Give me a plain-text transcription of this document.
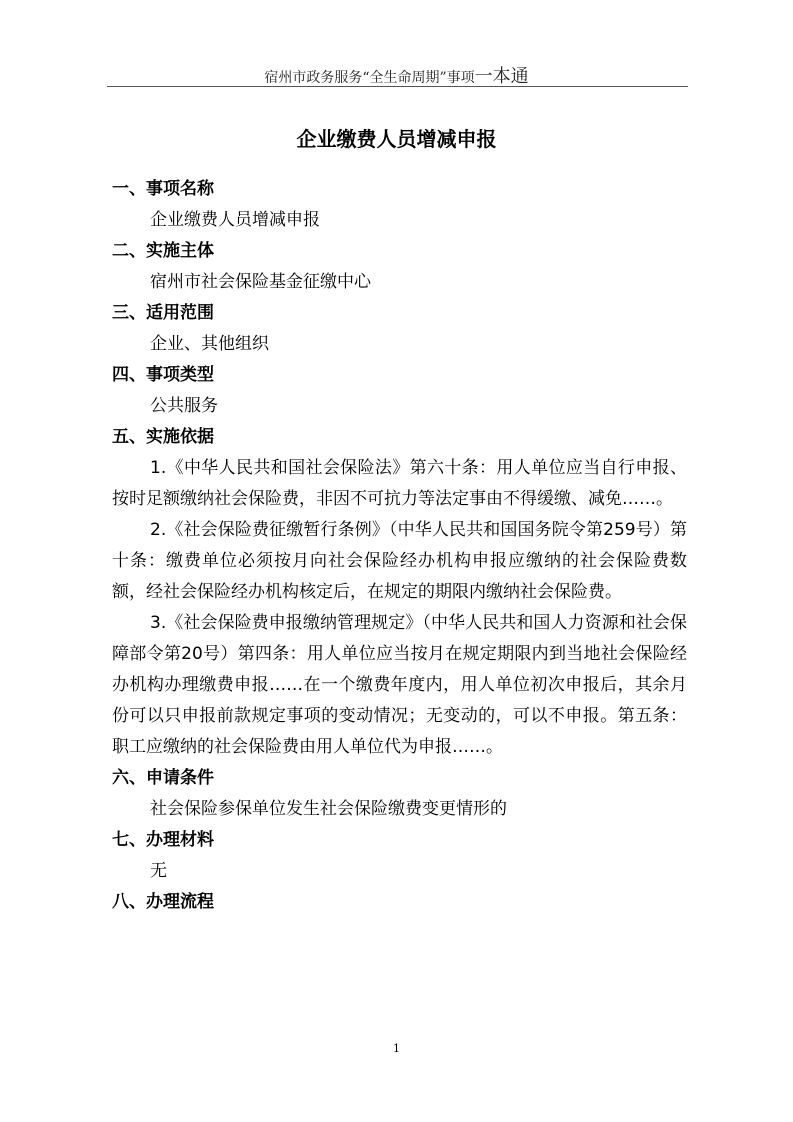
宿州市政务服务“全生命周期”事项一本通
企业缴费人员增减申报

一、事项名称

企业缴费人员增减申报

二、实施主体

宿州市社会保险基金征缴中心

三、适用范围

企业、其他组织

四、事项类型

公共服务

五、实施依据

1.《中华人民共和国社会保险法》第六十条：用人单位应当自行申报、按时足额缴纳社会保险费，非因不可抗力等法定事由不得缓缴、减免……。

2.《社会保险费征缴暂行条例》（中华人民共和国国务院令第259号）第十条：缴费单位必须按月向社会保险经办机构申报应缴纳的社会保险费数额，经社会保险经办机构核定后，在规定的期限内缴纳社会保险费。

3.《社会保险费申报缴纳管理规定》（中华人民共和国人力资源和社会保障部令第20号）第四条：用人单位应当按月在规定期限内到当地社会保险经办机构办理缴费申报……在一个缴费年度内，用人单位初次申报后，其余月份可以只申报前款规定事项的变动情况；无变动的，可以不申报。第五条：职工应缴纳的社会保险费由用人单位代为申报……。

六、申请条件

社会保险参保单位发生社会保险缴费变更情形的

七、办理材料

无

八、办理流程

1
